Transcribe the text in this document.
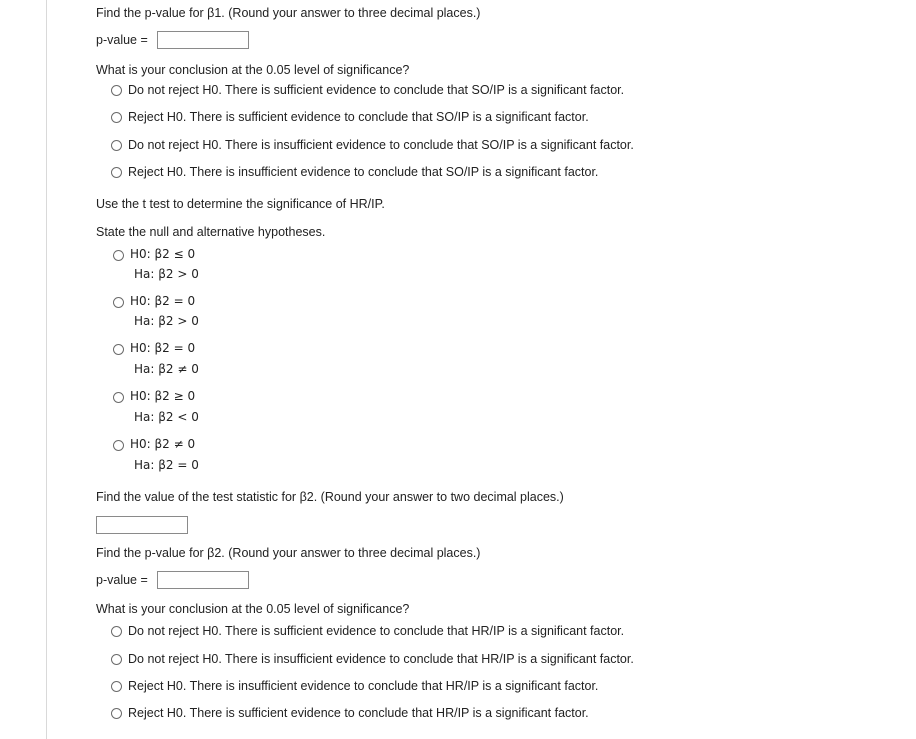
Find the p-value for β1. (Round your answer to three decimal places.)
p-value =
What is your conclusion at the 0.05 level of significance?
Do not reject H0. There is sufficient evidence to conclude that SO/IP is a significant factor.
Reject H0. There is sufficient evidence to conclude that SO/IP is a significant factor.
Do not reject H0. There is insufficient evidence to conclude that SO/IP is a significant factor.
Reject H0. There is insufficient evidence to conclude that SO/IP is a significant factor.
Use the t test to determine the significance of HR/IP.
State the null and alternative hypotheses.
H0: β2 ≤ 0
Ha: β2 > 0
H0: β2 = 0
Ha: β2 > 0
H0: β2 = 0
Ha: β2 ≠ 0
H0: β2 ≥ 0
Ha: β2 < 0
H0: β2 ≠ 0
Ha: β2 = 0
Find the value of the test statistic for β2. (Round your answer to two decimal places.)
Find the p-value for β2. (Round your answer to three decimal places.)
p-value =
What is your conclusion at the 0.05 level of significance?
Do not reject H0. There is sufficient evidence to conclude that HR/IP is a significant factor.
Do not reject H0. There is insufficient evidence to conclude that HR/IP is a significant factor.
Reject H0. There is insufficient evidence to conclude that HR/IP is a significant factor.
Reject H0. There is sufficient evidence to conclude that HR/IP is a significant factor.
